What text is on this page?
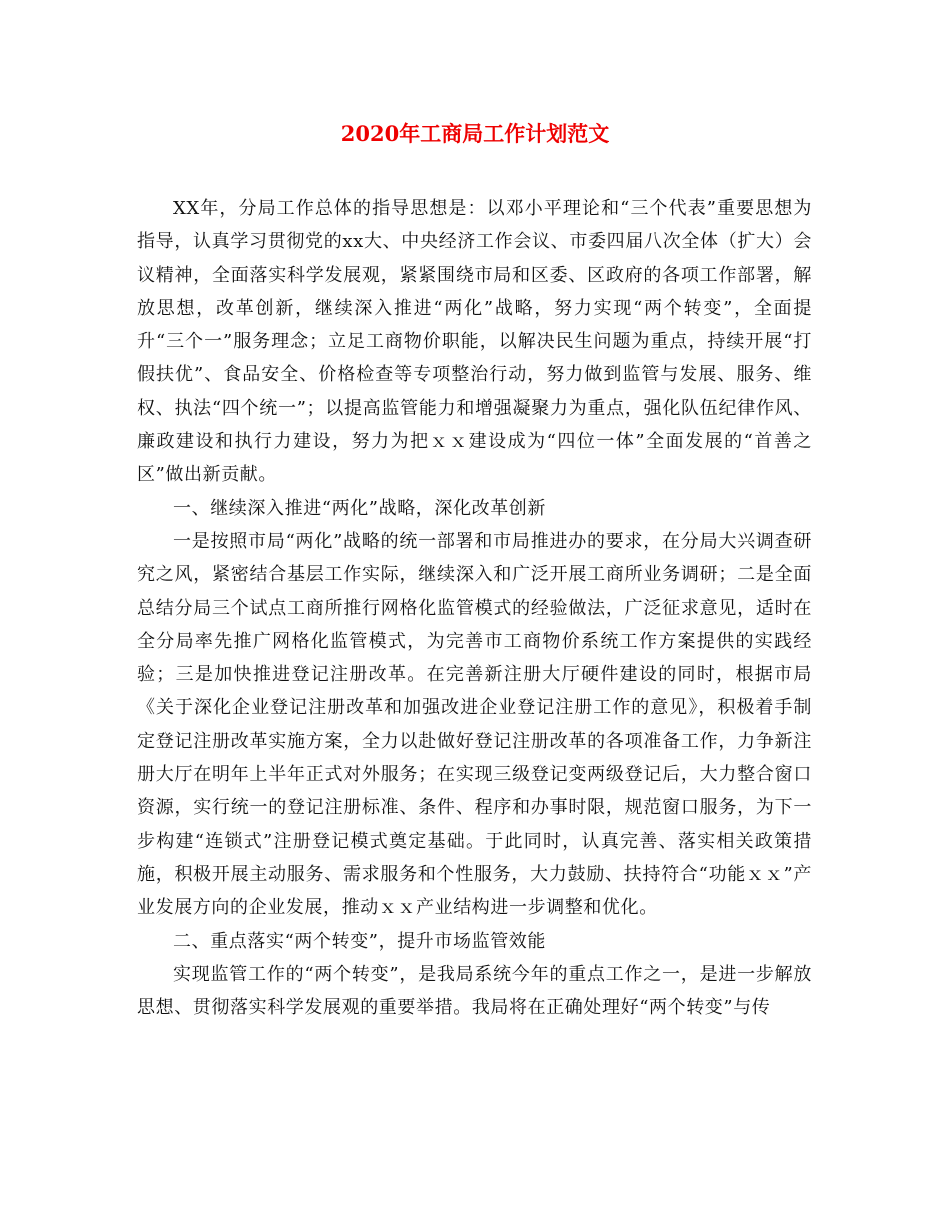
2020年工商局工作计划范文

XX年，分局工作总体的指导思想是：以邓小平理论和“三个代表”重要思想为指导，认真学习贯彻党的xx大、中央经济工作会议、市委四届八次全体（扩大）会议精神，全面落实科学发展观，紧紧围绕市局和区委、区政府的各项工作部署，解放思想，改革创新，继续深入推进“两化”战略，努力实现“两个转变”，全面提升“三个一”服务理念；立足工商物价职能，以解决民生问题为重点，持续开展“打假扶优”、食品安全、价格检查等专项整治行动，努力做到监管与发展、服务、维权、执法“四个统一”；以提高监管能力和增强凝聚力为重点，强化队伍纪律作风、廉政建设和执行力建设，努力为把ｘｘ建设成为“四位一体”全面发展的“首善之区”做出新贡献。

一、继续深入推进“两化”战略，深化改革创新

一是按照市局“两化”战略的统一部署和市局推进办的要求，在分局大兴调查研究之风，紧密结合基层工作实际，继续深入和广泛开展工商所业务调研；二是全面总结分局三个试点工商所推行网格化监管模式的经验做法，广泛征求意见，适时在全分局率先推广网格化监管模式，为完善市工商物价系统工作方案提供的实践经验；三是加快推进登记注册改革。在完善新注册大厅硬件建设的同时，根据市局《关于深化企业登记注册改革和加强改进企业登记注册工作的意见》，积极着手制定登记注册改革实施方案，全力以赴做好登记注册改革的各项准备工作，力争新注册大厅在明年上半年正式对外服务；在实现三级登记变两级登记后，大力整合窗口资源，实行统一的登记注册标准、条件、程序和办事时限，规范窗口服务，为下一步构建“连锁式”注册登记模式奠定基础。于此同时，认真完善、落实相关政策措施，积极开展主动服务、需求服务和个性服务，大力鼓励、扶持符合“功能ｘｘ”产业发展方向的企业发展，推动ｘｘ产业结构进一步调整和优化。

二、重点落实“两个转变”，提升市场监管效能

实现监管工作的“两个转变”，是我局系统今年的重点工作之一，是进一步解放思想、贯彻落实科学发展观的重要举措。我局将在正确处理好“两个转变”与传
